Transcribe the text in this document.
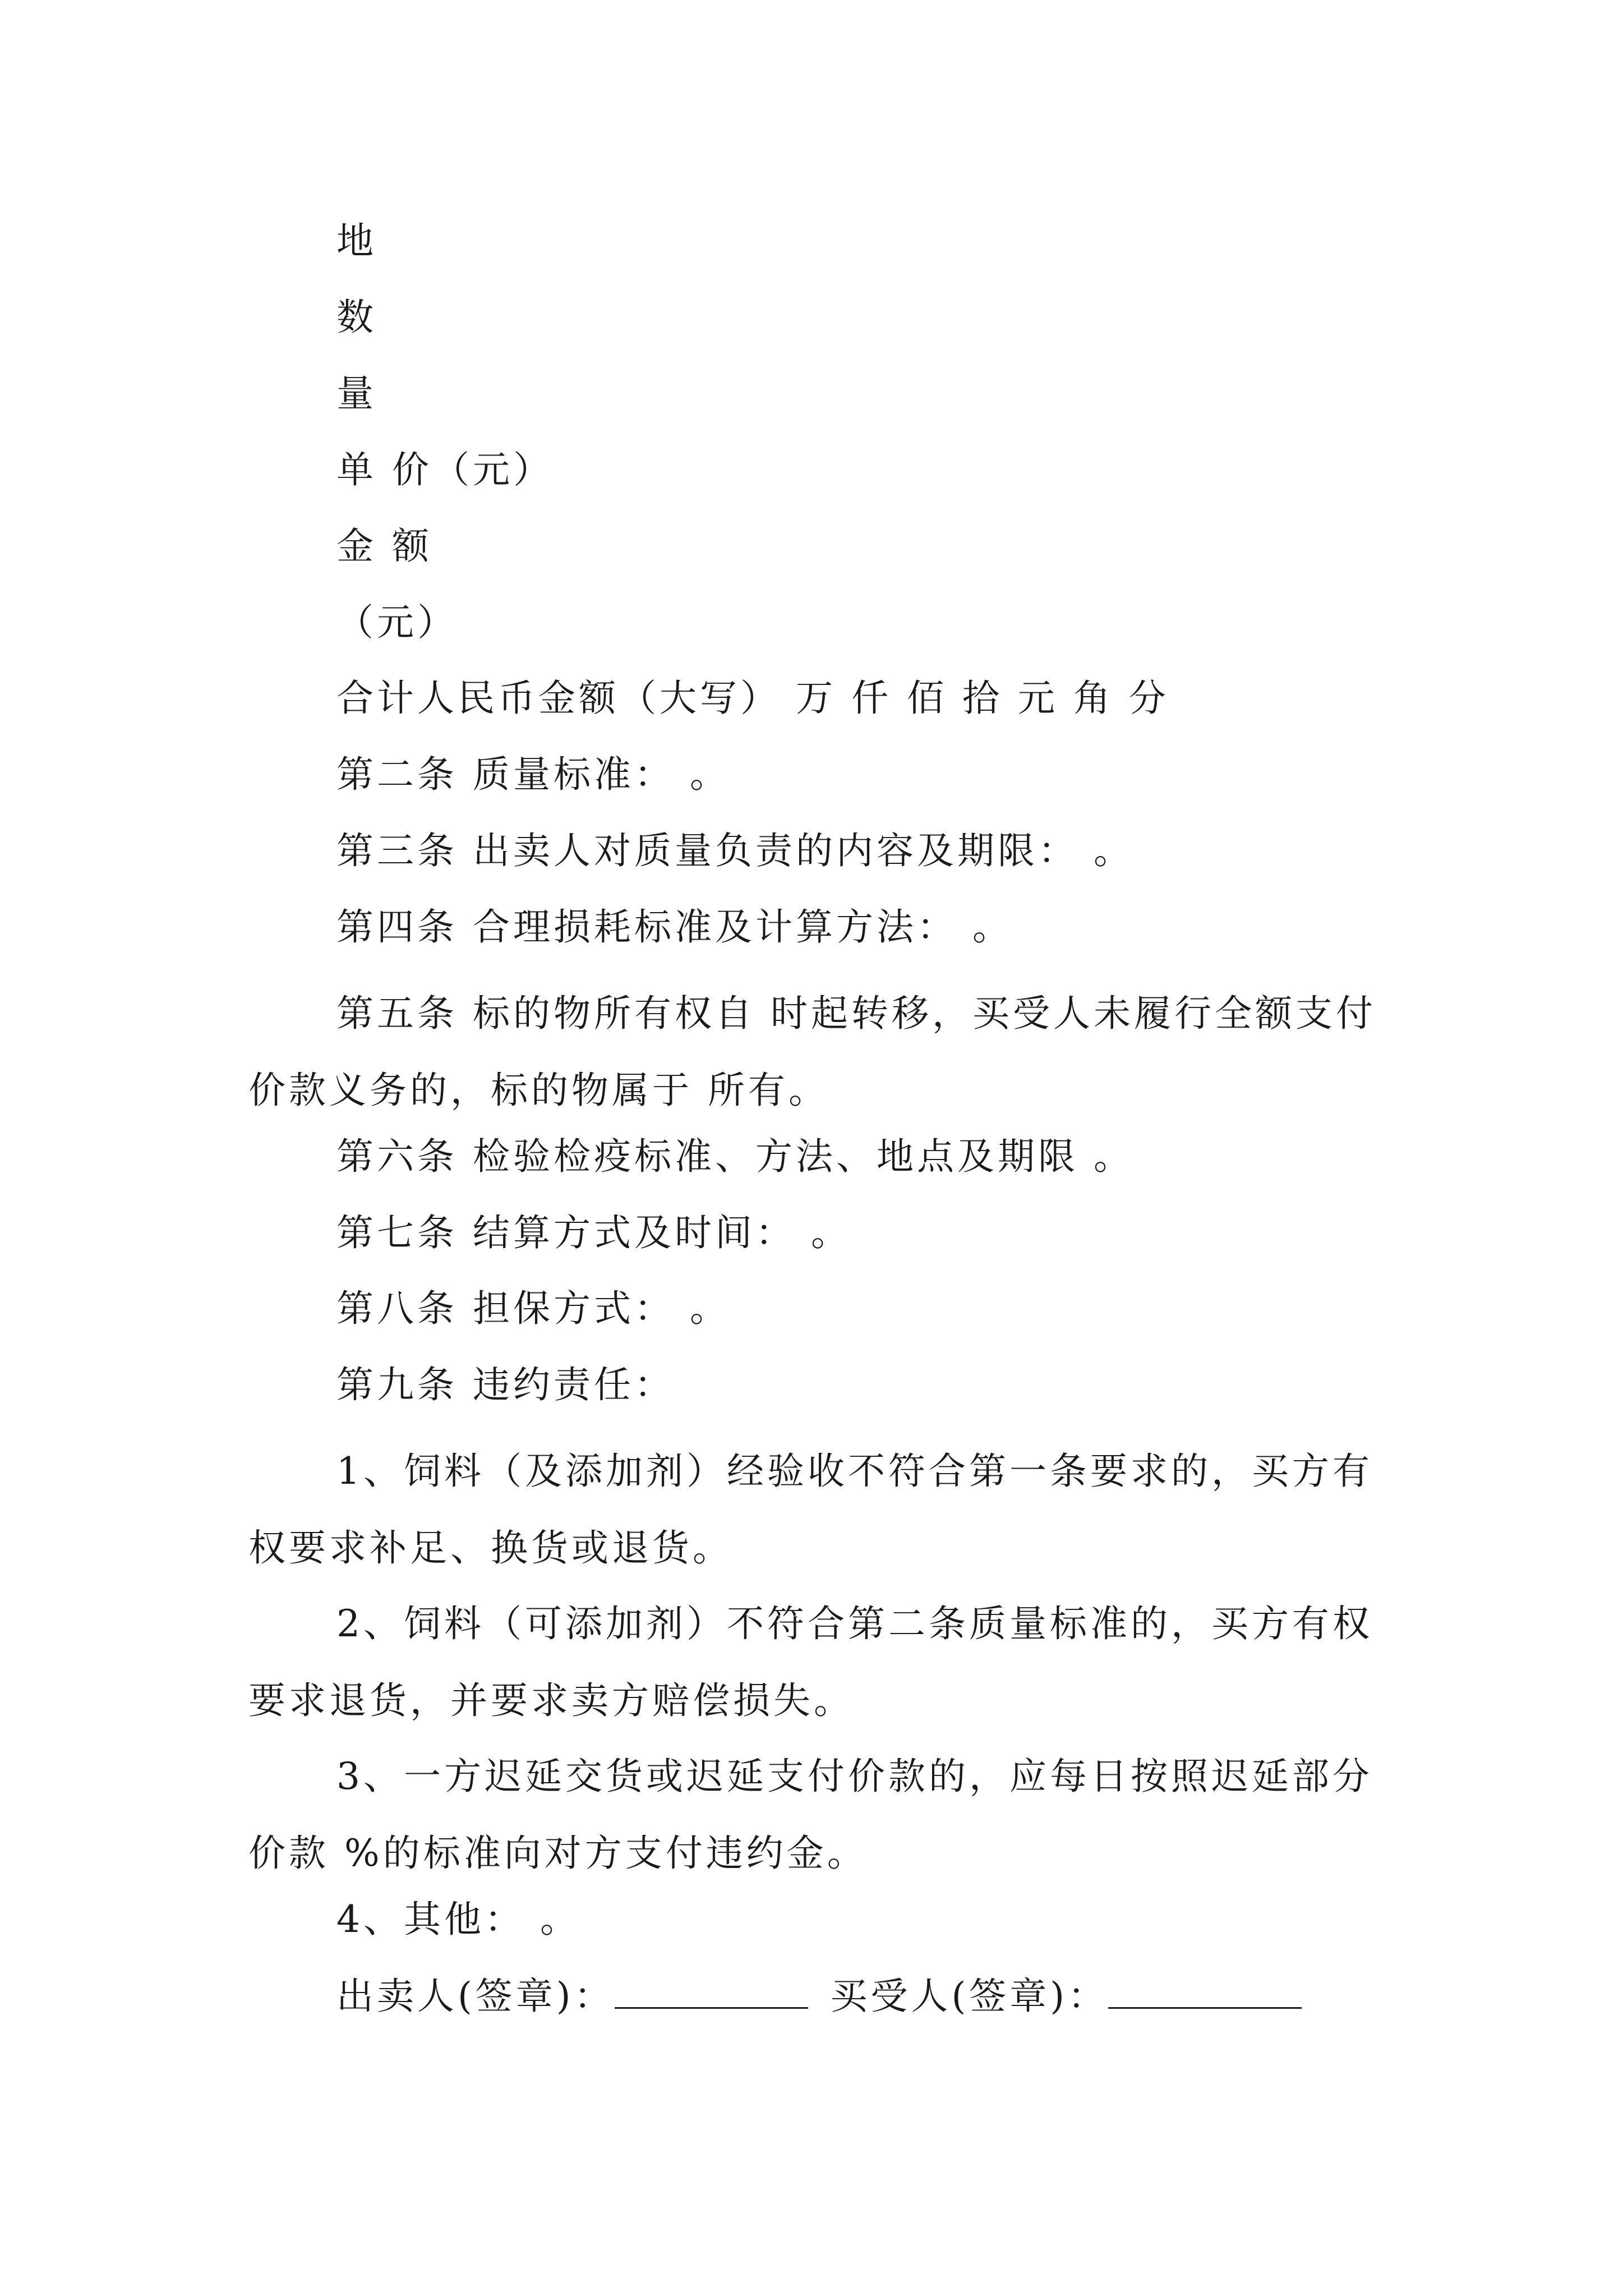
地
数
量
单 价（元）
金 额
（元）
合计人民币金额（大写） 万 仟 佰 拾 元 角 分
第二条 质量标准： 。
第三条 出卖人对质量负责的内容及期限： 。
第四条 合理损耗标准及计算方法： 。
第五条 标的物所有权自 时起转移，买受人未履行全额支付价款义务的，标的物属于 所有。
第六条 检验检疫标准、方法、地点及期限 。
第七条 结算方式及时间： 。
第八条 担保方式： 。
第九条 违约责任：
1、饲料（及添加剂）经验收不符合第一条要求的，买方有权要求补足、换货或退货。
2、饲料（可添加剂）不符合第二条质量标准的，买方有权要求退货，并要求卖方赔偿损失。
3、一方迟延交货或迟延支付价款的，应每日按照迟延部分价款 %的标准向对方支付违约金。
4、其他： 。
出卖人(签章)：	买受人(签章)：
